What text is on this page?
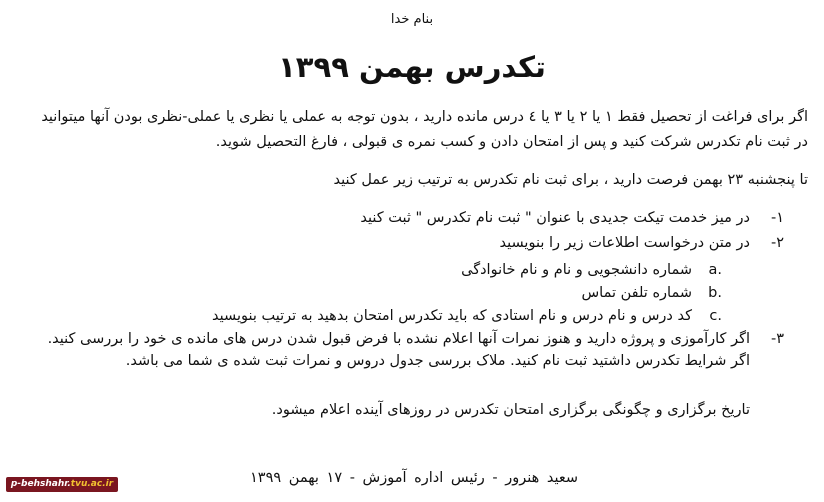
بنام خدا
تکدرس بهمن ۱۳۹۹
اگر برای فراغت از تحصیل فقط ۱ یا ۲ یا ۳ یا ٤ درس مانده دارید ، بدون توجه به عملی یا نظری یا عملی-نظری بودن آنها میتوانید
در ثبت نام تکدرس شرکت کنید و پس از امتحان دادن و کسب نمره ی قبولی ، فارغ التحصیل شوید.
تا پنجشنبه ۲۳ بهمن فرصت دارید ، برای ثبت نام تکدرس به ترتیب زیر عمل کنید
-۱
در میز خدمت تیکت جدیدی با عنوان " ثبت نام تکدرس " ثبت کنید
-۲
در متن درخواست اطلاعات زیر را بنویسید
a.
شماره دانشجویی و نام و نام خانوادگی
b.
شماره تلفن تماس
c.
کد درس و نام درس و نام استادی که باید تکدرس امتحان بدهید به ترتیب بنویسید
-۳
اگر کارآموزی و پروژه دارید و هنوز نمرات آنها اعلام نشده با فرض قبول شدن درس های مانده ی خود را بررسی کنید.
اگر شرایط تکدرس داشتید ثبت نام کنید. ملاک بررسی جدول دروس و نمرات ثبت شده ی شما می باشد.
تاریخ برگزاری و چگونگی برگزاری امتحان تکدرس در روزهای آینده اعلام میشود.
سعید هنرور - رئیس اداره آموزش - ۱۷ بهمن ۱۳۹۹
p-behshahr.tvu.ac.ir
